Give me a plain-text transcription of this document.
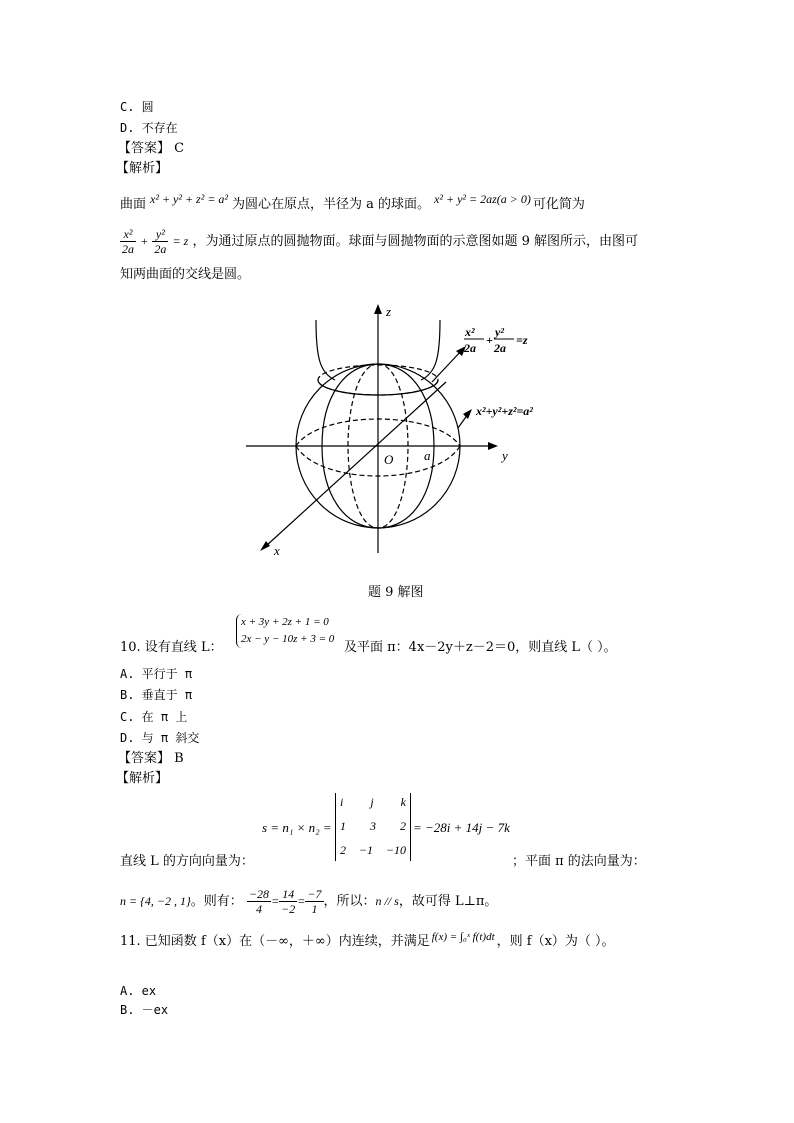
C. 圆
D. 不存在
【答案】 C
【解析】
曲面 x² + y² + z² = a² 为圆心在原点，半径为 a 的球面。 x² + y² = 2az(a > 0) 可化简为
$\frac{\text{x²}}{2a} + \frac{\text{y²}}{2a} = z$ ，为通过原点的圆抛物面。球面与圆抛物面的示意图如题 9 解图所示，由图可
知两曲面的交线是圆。
z
y
x
O a
x²
2a
+
y²
2a
=z
x²+y²+z²=a²
题 9 解图
10. 设有直线 L：
x + 3y + 2z + 1 = 0
2x − y − 10z + 3 = 0
及平面 π：4x－2y＋z－2＝0，则直线 L（ ）。
A. 平行于 π
B. 垂直于 π
C. 在 π 上
D. 与 π 斜交
【答案】 B
【解析】
s = n₁ × n₂ =
i j k
1 3 2
2 −1 −10
= −28i + 14j − 7k
直线 L 的方向向量为：	；平面 π 的法向量为：
n = {4, −2 , 1}。则有： $\frac{-28}{4} = \frac{14}{-2} = \frac{-7}{1}$ ，所以：n // s，故可得 L⊥π。
11. 已知函数 f（x）在（－∞，＋∞）内连续，并满足 $^{f(x) = \int_0ˣ f(t)dt}$ ，则 f（x）为（ ）。
A. ex
B. －ex
